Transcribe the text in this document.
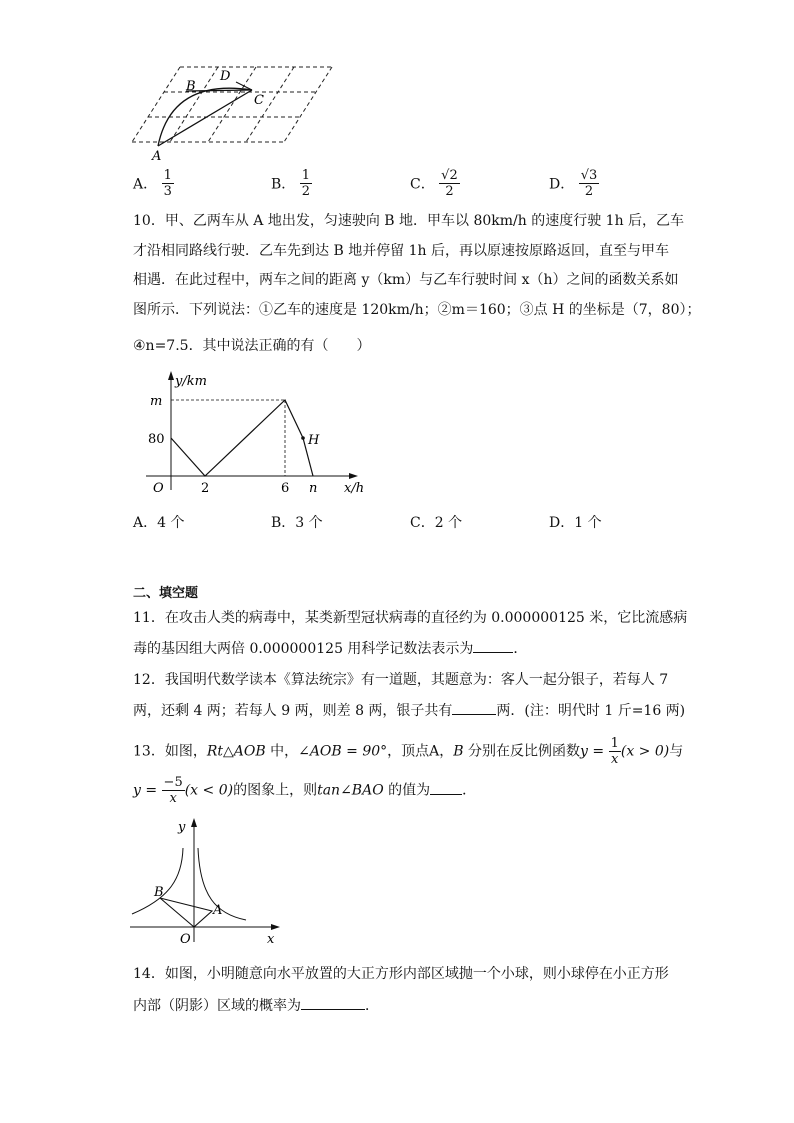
D
B
C
A
A． $\frac{1}{3}$	B． $\frac{1}{2}$	C． $\frac{√2}{2}$	D． $\frac{√3}{2}$
10．甲、乙两车从 A 地出发，匀速驶向 B 地．甲车以 80km/h 的速度行驶 1h 后，乙车
才沿相同路线行驶．乙车先到达 B 地并停留 1h 后，再以原速按原路返回，直至与甲车
相遇．在此过程中，两车之间的距离 y（km）与乙车行驶时间 x（h）之间的函数关系如
图所示．下列说法：①乙车的速度是 120km/h；②m＝160；③点 H 的坐标是（7，80）；
④n=7.5．其中说法正确的有（　　）
y/km
x/h
m
80
O	2	6 n
H
A．4 个	B．3 个	C．2 个	D．1 个
二、填空题
11．在攻击人类的病毒中，某类新型冠状病毒的直径约为 0.000000125 米，它比流感病
毒的基因组大两倍 0.000000125 用科学记数法表示为	．
12．我国明代数学读本《算法统宗》有一道题，其题意为：客人一起分银子，若每人 7
两，还剩 4 两；若每人 9 两，则差 8 两，银子共有	两．(注：明代时 1 斤=16 两)
13．如图，Rt△AOB 中，∠AOB = 90°，顶点A，B 分别在反比例函数$y = \frac{1}{x} (x > 0)$与
$y = \frac{-5}{x} (x < 0)$的图象上，则tan∠BAO 的值为 ．
y
x
O
B
A
14．如图，小明随意向水平放置的大正方形内部区域抛一个小球，则小球停在小正方形
内部（阴影）区域的概率为	．
